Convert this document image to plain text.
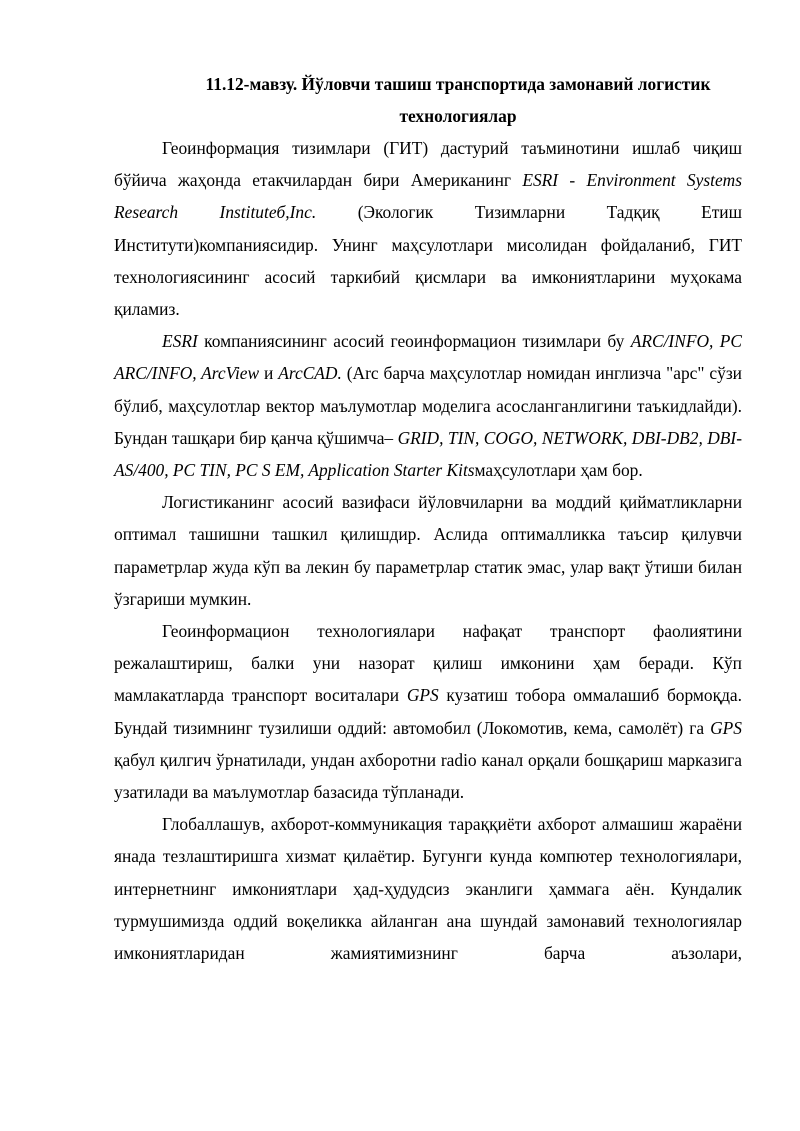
11.12-мавзу. Йўловчи ташиш транспортида замонавий логистик

технологиялар

Геоинформация тизимлари (ГИТ) дастурий таъминотини ишлаб чиқиш бўйича жаҳонда етакчилардан бири Американинг ESRI - Environment Systems Research Instituteб,Inc. (Экологик Тизимларни Тадқиқ Етиш Институти)компаниясидир. Унинг маҳсулотлари мисолидан фойдаланиб, ГИТ технологиясининг асосий таркибий қисмлари ва имкониятларини муҳокама қиламиз.

ESRI компаниясининг асосий геоинформацион тизимлари бу ARC/INFO, PC ARC/INFO, ArcView и ArcCAD. (Arc барча маҳсулотлар номидан инглизча "арс" сўзи бўлиб, маҳсулотлар вектор маълумотлар моделига асосланганлигини таъкидлайди). Бундан ташқари бир қанча қўшимча– GRID, TIN, COGO, NETWORK, DBI-DB2, DBI-AS/400, PC TIN, PC S EM, Application Starter Kitsмаҳсулотлари ҳам бор.

Логистиканинг асосий вазифаси йўловчиларни ва моддий қийматликларни оптимал ташишни ташкил қилишдир. Аслида оптималликка таъсир қилувчи параметрлар жуда кўп ва лекин бу параметрлар статик эмас, улар вақт ўтиши билан ўзгариши мумкин.

Геоинформацион технологиялари нафақат транспорт фаолиятини режалаштириш, балки уни назорат қилиш имконини ҳам беради. Кўп мамлакатларда транспорт воситалари GPS кузатиш тобора оммалашиб бормоқда. Бундай тизимнинг тузилиши оддий: автомобил (Локомотив, кема, самолёт) га GPS қабул қилгич ўрнатилади, ундан ахборотни radio канал орқали бошқариш марказига узатилади ва маълумотлар базасида тўпланади.

Глобаллашув, ахборот-коммуникация тараққиёти ахборот алмашиш жараёни янада тезлаштиришга хизмат қилаётир. Бугунги кунда компютер технологиялари, интернетнинг имкониятлари ҳад-ҳудудсиз эканлиги ҳаммага аён. Кундалик турмушимизда оддий воқеликка айланган ана шундай замонавий технологиялар имкониятларидан жамиятимизнинг барча аъзолари,
